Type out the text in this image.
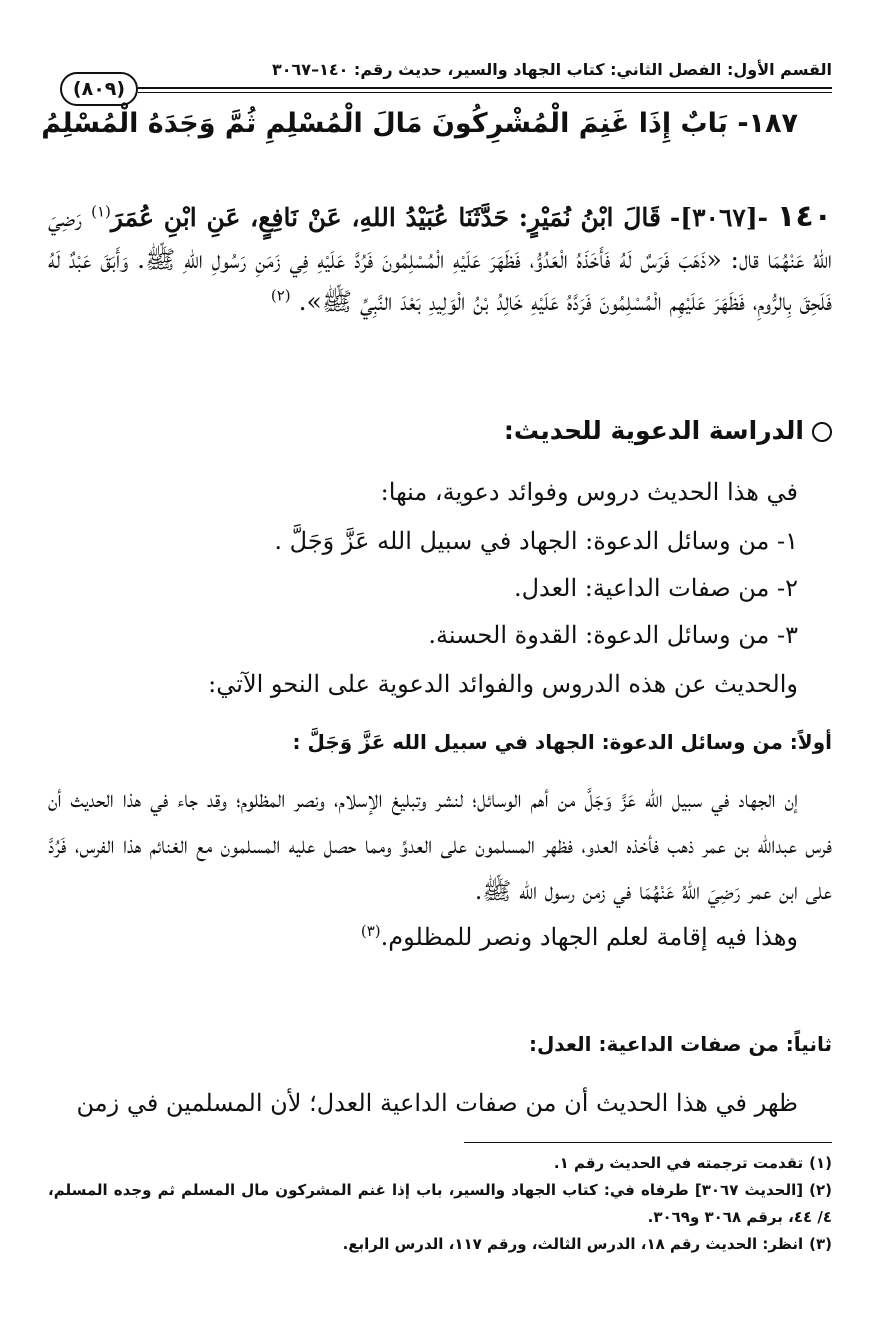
القسم الأول: الفصل الثاني: كتاب الجهاد والسير، حديث رقم: ١٤٠–٣٠٦٧
(٨٠٩)
١٨٧- بَابٌ إِذَا غَنِمَ الْمُشْرِكُونَ مَالَ الْمُسْلِمِ ثُمَّ وَجَدَهُ الْمُسْلِمُ
١٤٠ -[٣٠٦٧]- قَالَ ابْنُ نُمَيْرٍ: حَدَّثَنَا عُبَيْدُ اللهِ، عَنْ نَافِعٍ، عَنِ ابْنِ عُمَرَ$^{(١)}$ رَضِيَ اللهُ عَنْهُمَا قال: «ذَهَبَ فَرَسٌ لَهُ فَأَخَذَهُ الْعَدُوُّ، فَظَهَرَ عَلَيْهِ الْمُسْلِمُونَ فَرُدَّ عَلَيْهِ فِي زَمَنِ رَسُولِ اللهِ ﷺ. وَأَبَقَ عَبْدٌ لَهُ فَلَحِقَ بِالرُّومِ، فَظَهَرَ عَلَيْهِم الْمُسْلِمُونَ فَرَدَّهُ عَلَيْهِ خَالِدُ بْنُ الْوَلِيدِ بَعْدَ النَّبِيِّ ﷺ». $^{(٢)}$
الدراسة الدعوية للحديث:
في هذا الحديث دروس وفوائد دعوية، منها:
١- من وسائل الدعوة: الجهاد في سبيل الله عَزَّ وَجَلَّ .
٢- من صفات الداعية: العدل.
٣- من وسائل الدعوة: القدوة الحسنة.
والحديث عن هذه الدروس والفوائد الدعوية على النحو الآتي:
أولاً: من وسائل الدعوة: الجهاد في سبيل الله عَزَّ وَجَلَّ :
إن الجهاد في سبيل الله عَزَّ وَجَلَّ من أهم الوسائل؛ لنشر وتبليغ الإسلام، ونصر المظلوم؛ وقد جاء في هذا الحديث أن فرس عبدالله بن عمر ذهب فأخذه العدو، فظهر المسلمون على العدوِّ ومما حصل عليه المسلمون مع الغنائم هذا الفرس، فَرُدَّ على ابن عمر رَضِيَ اللهُ عَنْهُمَا في زمن رسول الله ﷺ.
وهذا فيه إقامة لعلم الجهاد ونصر للمظلوم.$^{(٣)}$
ثانياً: من صفات الداعية: العدل:
ظهر في هذا الحديث أن من صفات الداعية العدل؛ لأن المسلمين في زمن
(١)تقدمت ترجمته في الحديث رقم ١.
(٢)[الحديث ٣٠٦٧] طرفاه في: كتاب الجهاد والسير، باب إذا غنم المشركون مال المسلم ثم وجده المسلم، ٤/ ٤٤، برقم ٣٠٦٨ و٣٠٦٩.
(٣)انظر: الحديث رقم ١٨، الدرس الثالث، ورقم ١١٧، الدرس الرابع.
